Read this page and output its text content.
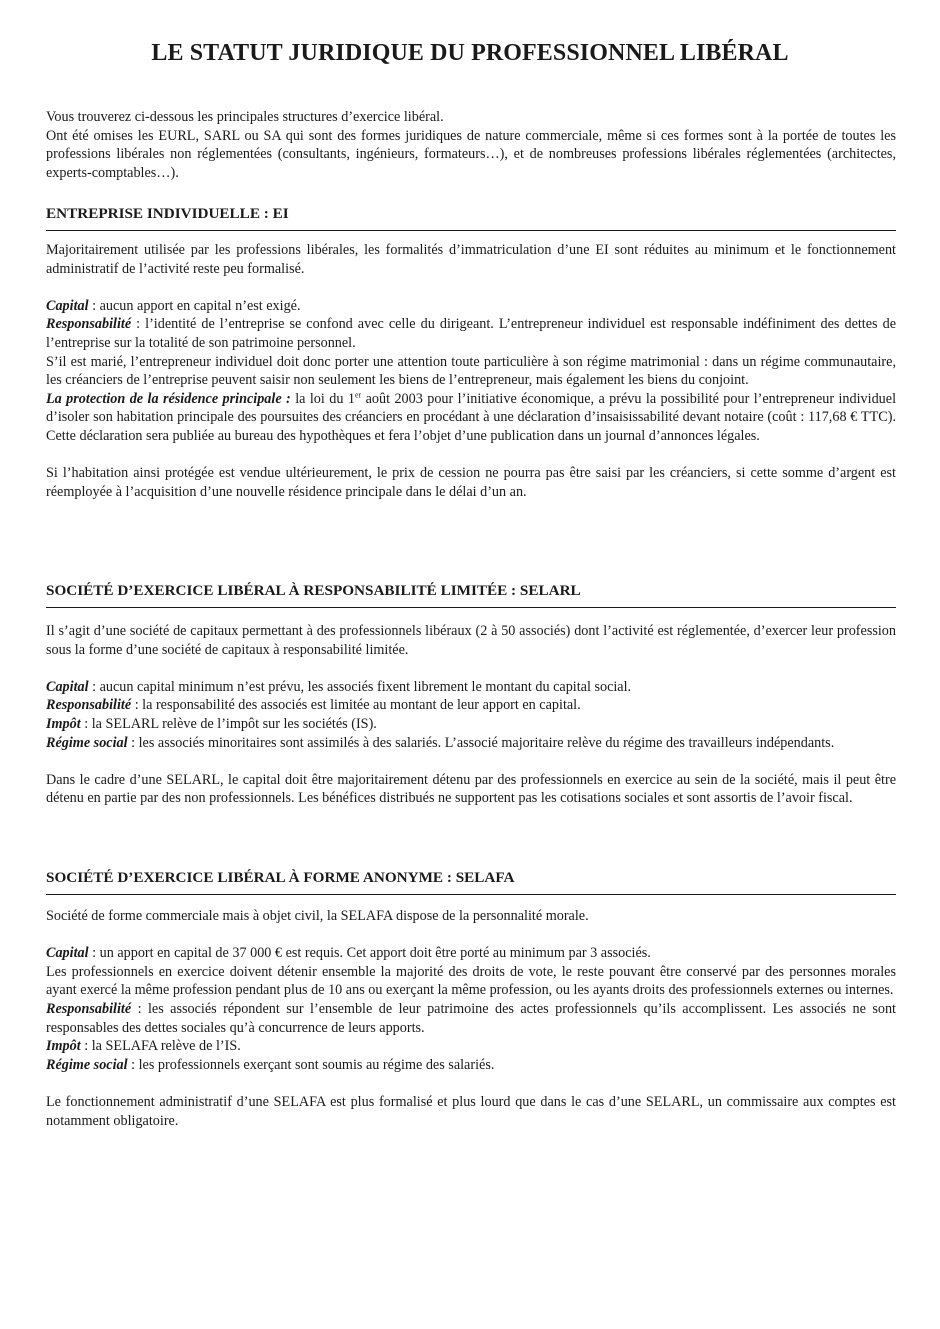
LE STATUT JURIDIQUE DU PROFESSIONNEL LIBÉRAL

Vous trouverez ci-dessous les principales structures d’exercice libéral.

Ont été omises les EURL, SARL ou SA qui sont des formes juridiques de nature commerciale, même si ces formes sont à la portée de toutes les professions libérales non réglementées (consultants, ingénieurs, formateurs…), et de nombreuses professions libérales réglementées (architectes, experts-comptables…).

ENTREPRISE INDIVIDUELLE : EI

Majoritairement utilisée par les professions libérales, les formalités d’immatriculation d’une EI sont réduites au minimum et le fonctionnement administratif de l’activité reste peu formalisé.

Capital : aucun apport en capital n’est exigé.

Responsabilité : l’identité de l’entreprise se confond avec celle du dirigeant. L’entrepreneur individuel est responsable indéfiniment des dettes de l’entreprise sur la totalité de son patrimoine personnel.

S’il est marié, l’entrepreneur individuel doit donc porter une attention toute particulière à son régime matrimonial : dans un régime communautaire, les créanciers de l’entreprise peuvent saisir non seulement les biens de l’entrepreneur, mais également les biens du conjoint.

La protection de la résidence principale : la loi du 1er août 2003 pour l’initiative économique, a prévu la possibilité pour l’entrepreneur individuel d’isoler son habitation principale des poursuites des créanciers en procédant à une déclaration d’insaisissabilité devant notaire (coût : 117,68 € TTC). Cette déclaration sera publiée au bureau des hypothèques et fera l’objet d’une publication dans un journal d’annonces légales.

Si l’habitation ainsi protégée est vendue ultérieurement, le prix de cession ne pourra pas être saisi par les créanciers, si cette somme d’argent est réemployée à l’acquisition d’une nouvelle résidence principale dans le délai d’un an.

SOCIÉTÉ D’EXERCICE LIBÉRAL À RESPONSABILITÉ LIMITÉE : SELARL

Il s’agit d’une société de capitaux permettant à des professionnels libéraux (2 à 50 associés) dont l’activité est réglementée, d’exercer leur profession sous la forme d’une société de capitaux à responsabilité limitée.

Capital : aucun capital minimum n’est prévu, les associés fixent librement le montant du capital social.

Responsabilité : la responsabilité des associés est limitée au montant de leur apport en capital.

Impôt : la SELARL relève de l’impôt sur les sociétés (IS).

Régime social : les associés minoritaires sont assimilés à des salariés. L’associé majoritaire relève du régime des travailleurs indépendants.

Dans le cadre d’une SELARL, le capital doit être majoritairement détenu par des professionnels en exercice au sein de la société, mais il peut être détenu en partie par des non professionnels. Les bénéfices distribués ne supportent pas les cotisations sociales et sont assortis de l’avoir fiscal.

SOCIÉTÉ D’EXERCICE LIBÉRAL À FORME ANONYME : SELAFA

Société de forme commerciale mais à objet civil, la SELAFA dispose de la personnalité morale.

Capital : un apport en capital de 37 000 € est requis. Cet apport doit être porté au minimum par 3 associés.

Les professionnels en exercice doivent détenir ensemble la majorité des droits de vote, le reste pouvant être conservé par des personnes morales ayant exercé la même profession pendant plus de 10 ans ou exerçant la même profession, ou les ayants droits des professionnels externes ou internes.

Responsabilité : les associés répondent sur l’ensemble de leur patrimoine des actes professionnels qu’ils accomplissent. Les associés ne sont responsables des dettes sociales qu’à concurrence de leurs apports.

Impôt : la SELAFA relève de l’IS.

Régime social : les professionnels exerçant sont soumis au régime des salariés.

Le fonctionnement administratif d’une SELAFA est plus formalisé et plus lourd que dans le cas d’une SELARL, un commissaire aux comptes est notamment obligatoire.
